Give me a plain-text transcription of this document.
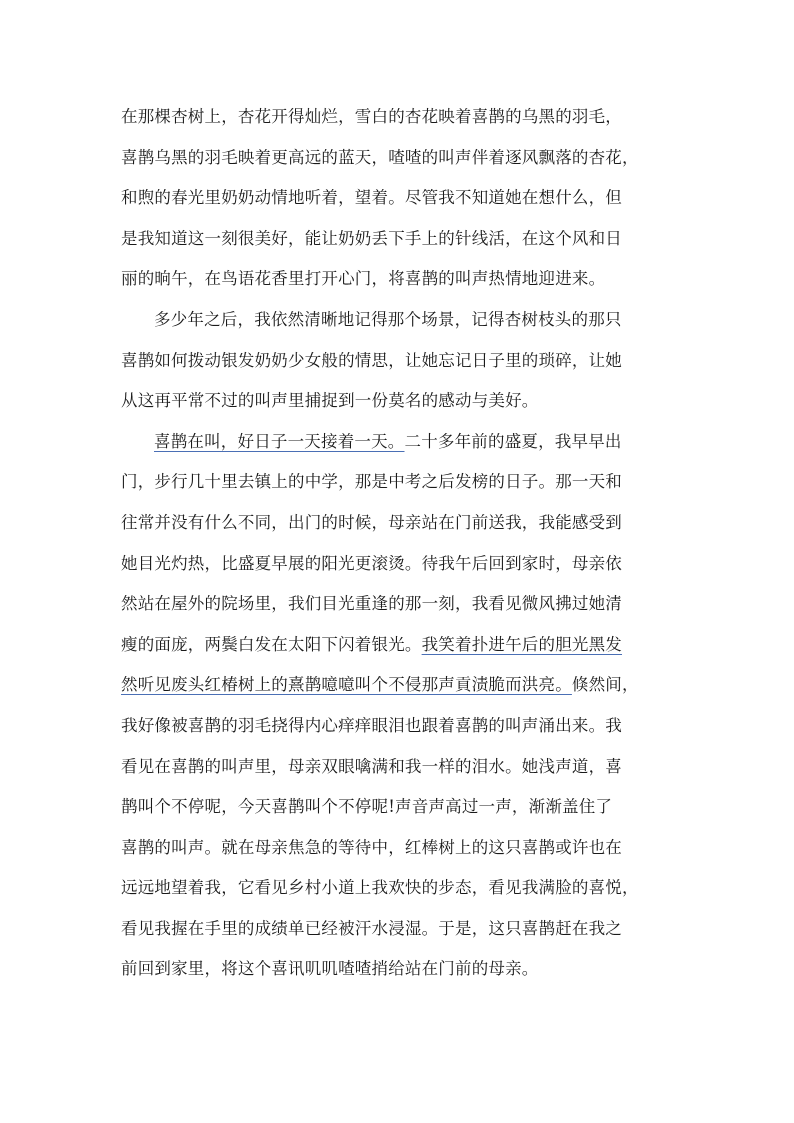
在那棵杏树上，杏花开得灿烂，雪白的杏花映着喜鹊的乌黑的羽毛，
喜鹊乌黑的羽毛映着更高远的蓝天，喳喳的叫声伴着逐风飘落的杏花，
和煦的春光里奶奶动情地听着，望着。尽管我不知道她在想什么，但
是我知道这一刻很美好，能让奶奶丢下手上的针线活，在这个风和日
丽的晌午，在鸟语花香里打开心门，将喜鹊的叫声热情地迎进来。
多少年之后，我依然清晰地记得那个场景，记得杏树枝头的那只
喜鹊如何拨动银发奶奶少女般的情思，让她忘记日子里的琐碎，让她
从这再平常不过的叫声里捕捉到一份莫名的感动与美好。
喜鹊在叫，好日子一天接着一天。二十多年前的盛夏，我早早出
门，步行几十里去镇上的中学，那是中考之后发榜的日子。那一天和
往常并没有什么不同，出门的时候，母亲站在门前送我，我能感受到
她目光灼热，比盛夏早展的阳光更滚烫。待我午后回到家时，母亲依
然站在屋外的院场里，我们目光重逢的那一刻，我看见微风拂过她清
瘦的面庞，两鬓白发在太阳下闪着银光。我笑着扑进午后的胆光黑发
然听见废头红椿树上的熹鹊噫噫叫个不侵那声貢渍脆而洪亮。倏然间，
我好像被喜鹊的羽毛挠得内心痒痒眼泪也跟着喜鹊的叫声涌出来。我
看见在喜鹊的叫声里，母亲双眼噙满和我一样的泪水。她浅声道，喜
鹊叫个不停呢，今天喜鹊叫个不停呢!声音声高过一声，渐渐盖住了
喜鹊的叫声。就在母亲焦急的等待中，红棒树上的这只喜鹊或许也在
远远地望着我，它看见乡村小道上我欢快的步态，看见我满脸的喜悦，
看见我握在手里的成绩单已经被汗水浸湿。于是，这只喜鹊赶在我之
前回到家里，将这个喜讯叽叽喳喳捎给站在门前的母亲。
